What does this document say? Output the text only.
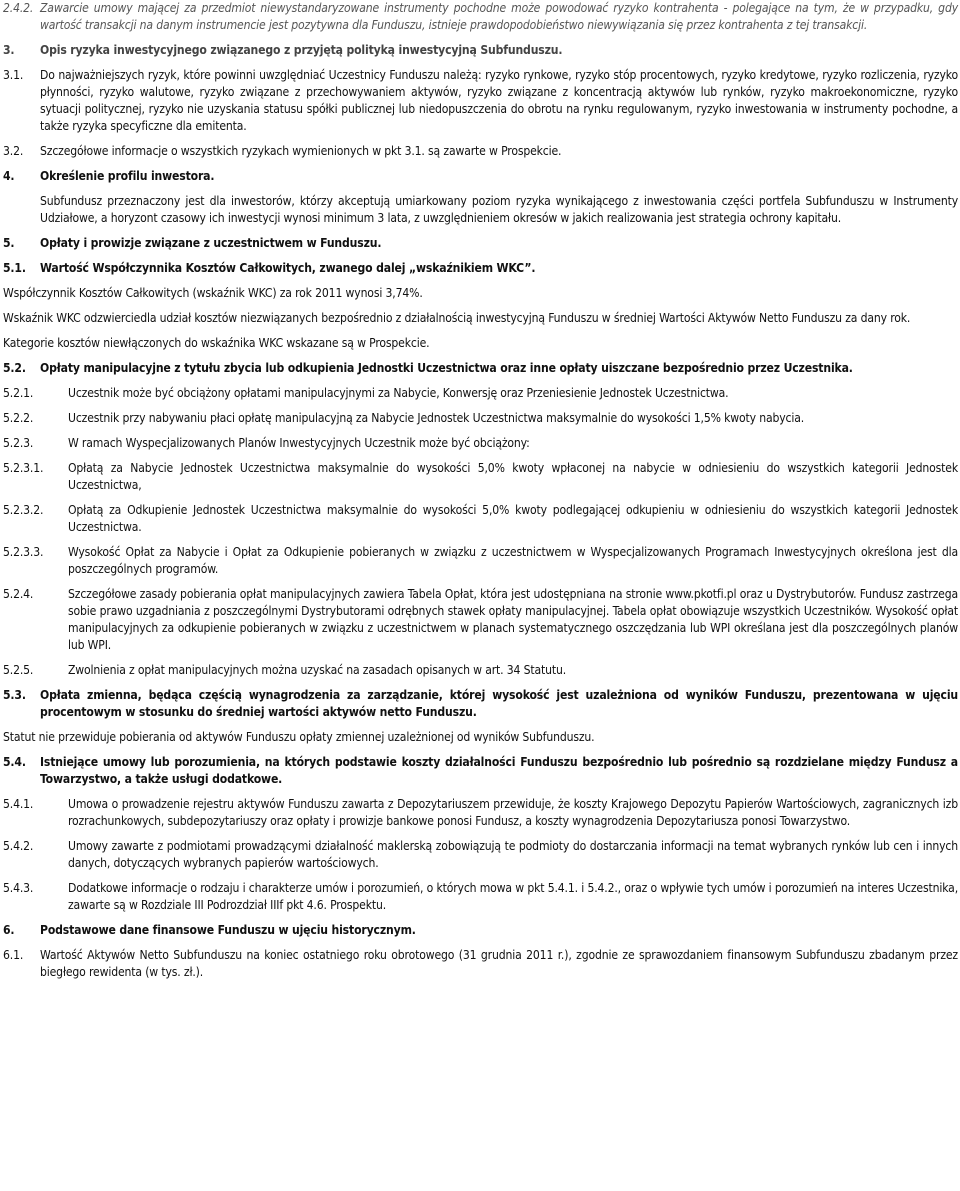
2.4.2. Zawarcie umowy mającej za przedmiot niewystandaryzowane instrumenty pochodne może powodować ryzyko kontrahenta - polegające na tym, że w przypadku, gdy wartość transakcji na danym instrumencie jest pozytywna dla Funduszu, istnieje prawdopodobieństwo niewywiązania się przez kontrahenta z tej transakcji.
3.	Opis ryzyka inwestycyjnego związanego z przyjętą polityką inwestycyjną Subfunduszu.
3.1.	Do najważniejszych ryzyk, które powinni uwzględniać Uczestnicy Funduszu należą: ryzyko rynkowe, ryzyko stóp procentowych, ryzyko kredytowe, ryzyko rozliczenia, ryzyko płynności, ryzyko walutowe, ryzyko związane z przechowywaniem aktywów, ryzyko związane z koncentracją aktywów lub rynków, ryzyko makroekonomiczne, ryzyko sytuacji politycznej, ryzyko nie uzyskania statusu spółki publicznej lub niedopuszczenia do obrotu na rynku regulowanym, ryzyko inwestowania w instrumenty pochodne, a także ryzyka specyficzne dla emitenta.
3.2.	Szczegółowe informacje o wszystkich ryzykach wymienionych w pkt 3.1. są zawarte w Prospekcie.
4.	Określenie profilu inwestora.
Subfundusz przeznaczony jest dla inwestorów, którzy akceptują umiarkowany poziom ryzyka wynikającego z inwestowania części portfela Subfunduszu w Instrumenty Udziałowe, a horyzont czasowy ich inwestycji wynosi minimum 3 lata, z uwzględnieniem okresów w jakich realizowania jest strategia ochrony kapitału.
5.	Opłaty i prowizje związane z uczestnictwem w Funduszu.
5.1.	Wartość Współczynnika Kosztów Całkowitych, zwanego dalej „wskaźnikiem WKC”.
Współczynnik Kosztów Całkowitych (wskaźnik WKC) za rok 2011 wynosi 3,74%.
Wskaźnik WKC odzwierciedla udział kosztów niezwiązanych bezpośrednio z działalnością inwestycyjną Funduszu w średniej Wartości Aktywów Netto Funduszu za dany rok.
Kategorie kosztów niewłączonych do wskaźnika WKC wskazane są w Prospekcie.
5.2.	Opłaty manipulacyjne z tytułu zbycia lub odkupienia Jednostki Uczestnictwa oraz inne opłaty uiszczane bezpośrednio przez Uczestnika.
5.2.1.	Uczestnik może być obciążony opłatami manipulacyjnymi za Nabycie, Konwersję oraz Przeniesienie Jednostek Uczestnictwa.
5.2.2.	Uczestnik przy nabywaniu płaci opłatę manipulacyjną za Nabycie Jednostek Uczestnictwa maksymalnie do wysokości 1,5% kwoty nabycia.
5.2.3.	W ramach Wyspecjalizowanych Planów Inwestycyjnych Uczestnik może być obciążony:
5.2.3.1.	Opłatą za Nabycie Jednostek Uczestnictwa maksymalnie do wysokości 5,0% kwoty wpłaconej na nabycie w odniesieniu do wszystkich kategorii Jednostek Uczestnictwa,
5.2.3.2.	Opłatą za Odkupienie Jednostek Uczestnictwa maksymalnie do wysokości 5,0% kwoty podlegającej odkupieniu w odniesieniu do wszystkich kategorii Jednostek Uczestnictwa.
5.2.3.3.	Wysokość Opłat za Nabycie i Opłat za Odkupienie pobieranych w związku z uczestnictwem w Wyspecjalizowanych Programach Inwestycyjnych określona jest dla poszczególnych programów.
5.2.4.	Szczegółowe zasady pobierania opłat manipulacyjnych zawiera Tabela Opłat, która jest udostępniana na stronie www.pkotfi.pl oraz u Dystrybutorów. Fundusz zastrzega sobie prawo uzgadniania z poszczególnymi Dystrybutorami odrębnych stawek opłaty manipulacyjnej. Tabela opłat obowiązuje wszystkich Uczestników. Wysokość opłat manipulacyjnych za odkupienie pobieranych w związku z uczestnictwem w planach systematycznego oszczędzania lub WPI określana jest dla poszczególnych planów lub WPI.
5.2.5.	Zwolnienia z opłat manipulacyjnych można uzyskać na zasadach opisanych w art. 34 Statutu.
5.3.	Opłata zmienna, będąca częścią wynagrodzenia za zarządzanie, której wysokość jest uzależniona od wyników Funduszu, prezentowana w ujęciu procentowym w stosunku do średniej wartości aktywów netto Funduszu.
Statut nie przewiduje pobierania od aktywów Funduszu opłaty zmiennej uzależnionej od wyników Subfunduszu.
5.4.	Istniejące umowy lub porozumienia, na których podstawie koszty działalności Funduszu bezpośrednio lub pośrednio są rozdzielane między Fundusz a Towarzystwo, a także usługi dodatkowe.
5.4.1.	Umowa o prowadzenie rejestru aktywów Funduszu zawarta z Depozytariuszem przewiduje, że koszty Krajowego Depozytu Papierów Wartościowych, zagranicznych izb rozrachunkowych, subdepozytariuszy oraz opłaty i prowizje bankowe ponosi Fundusz, a koszty wynagrodzenia Depozytariusza ponosi Towarzystwo.
5.4.2.	Umowy zawarte z podmiotami prowadzącymi działalność maklerską zobowiązują te podmioty do dostarczania informacji na temat wybranych rynków lub cen i innych danych, dotyczących wybranych papierów wartościowych.
5.4.3.	Dodatkowe informacje o rodzaju i charakterze umów i porozumień, o których mowa w pkt 5.4.1. i 5.4.2., oraz o wpływie tych umów i porozumień na interes Uczestnika, zawarte są w Rozdziale III Podrozdział IIIf pkt 4.6. Prospektu.
6.	Podstawowe dane finansowe Funduszu w ujęciu historycznym.
6.1.	Wartość Aktywów Netto Subfunduszu na koniec ostatniego roku obrotowego (31 grudnia 2011 r.), zgodnie ze sprawozdaniem finansowym Subfunduszu zbadanym przez biegłego rewidenta (w tys. zł.).
